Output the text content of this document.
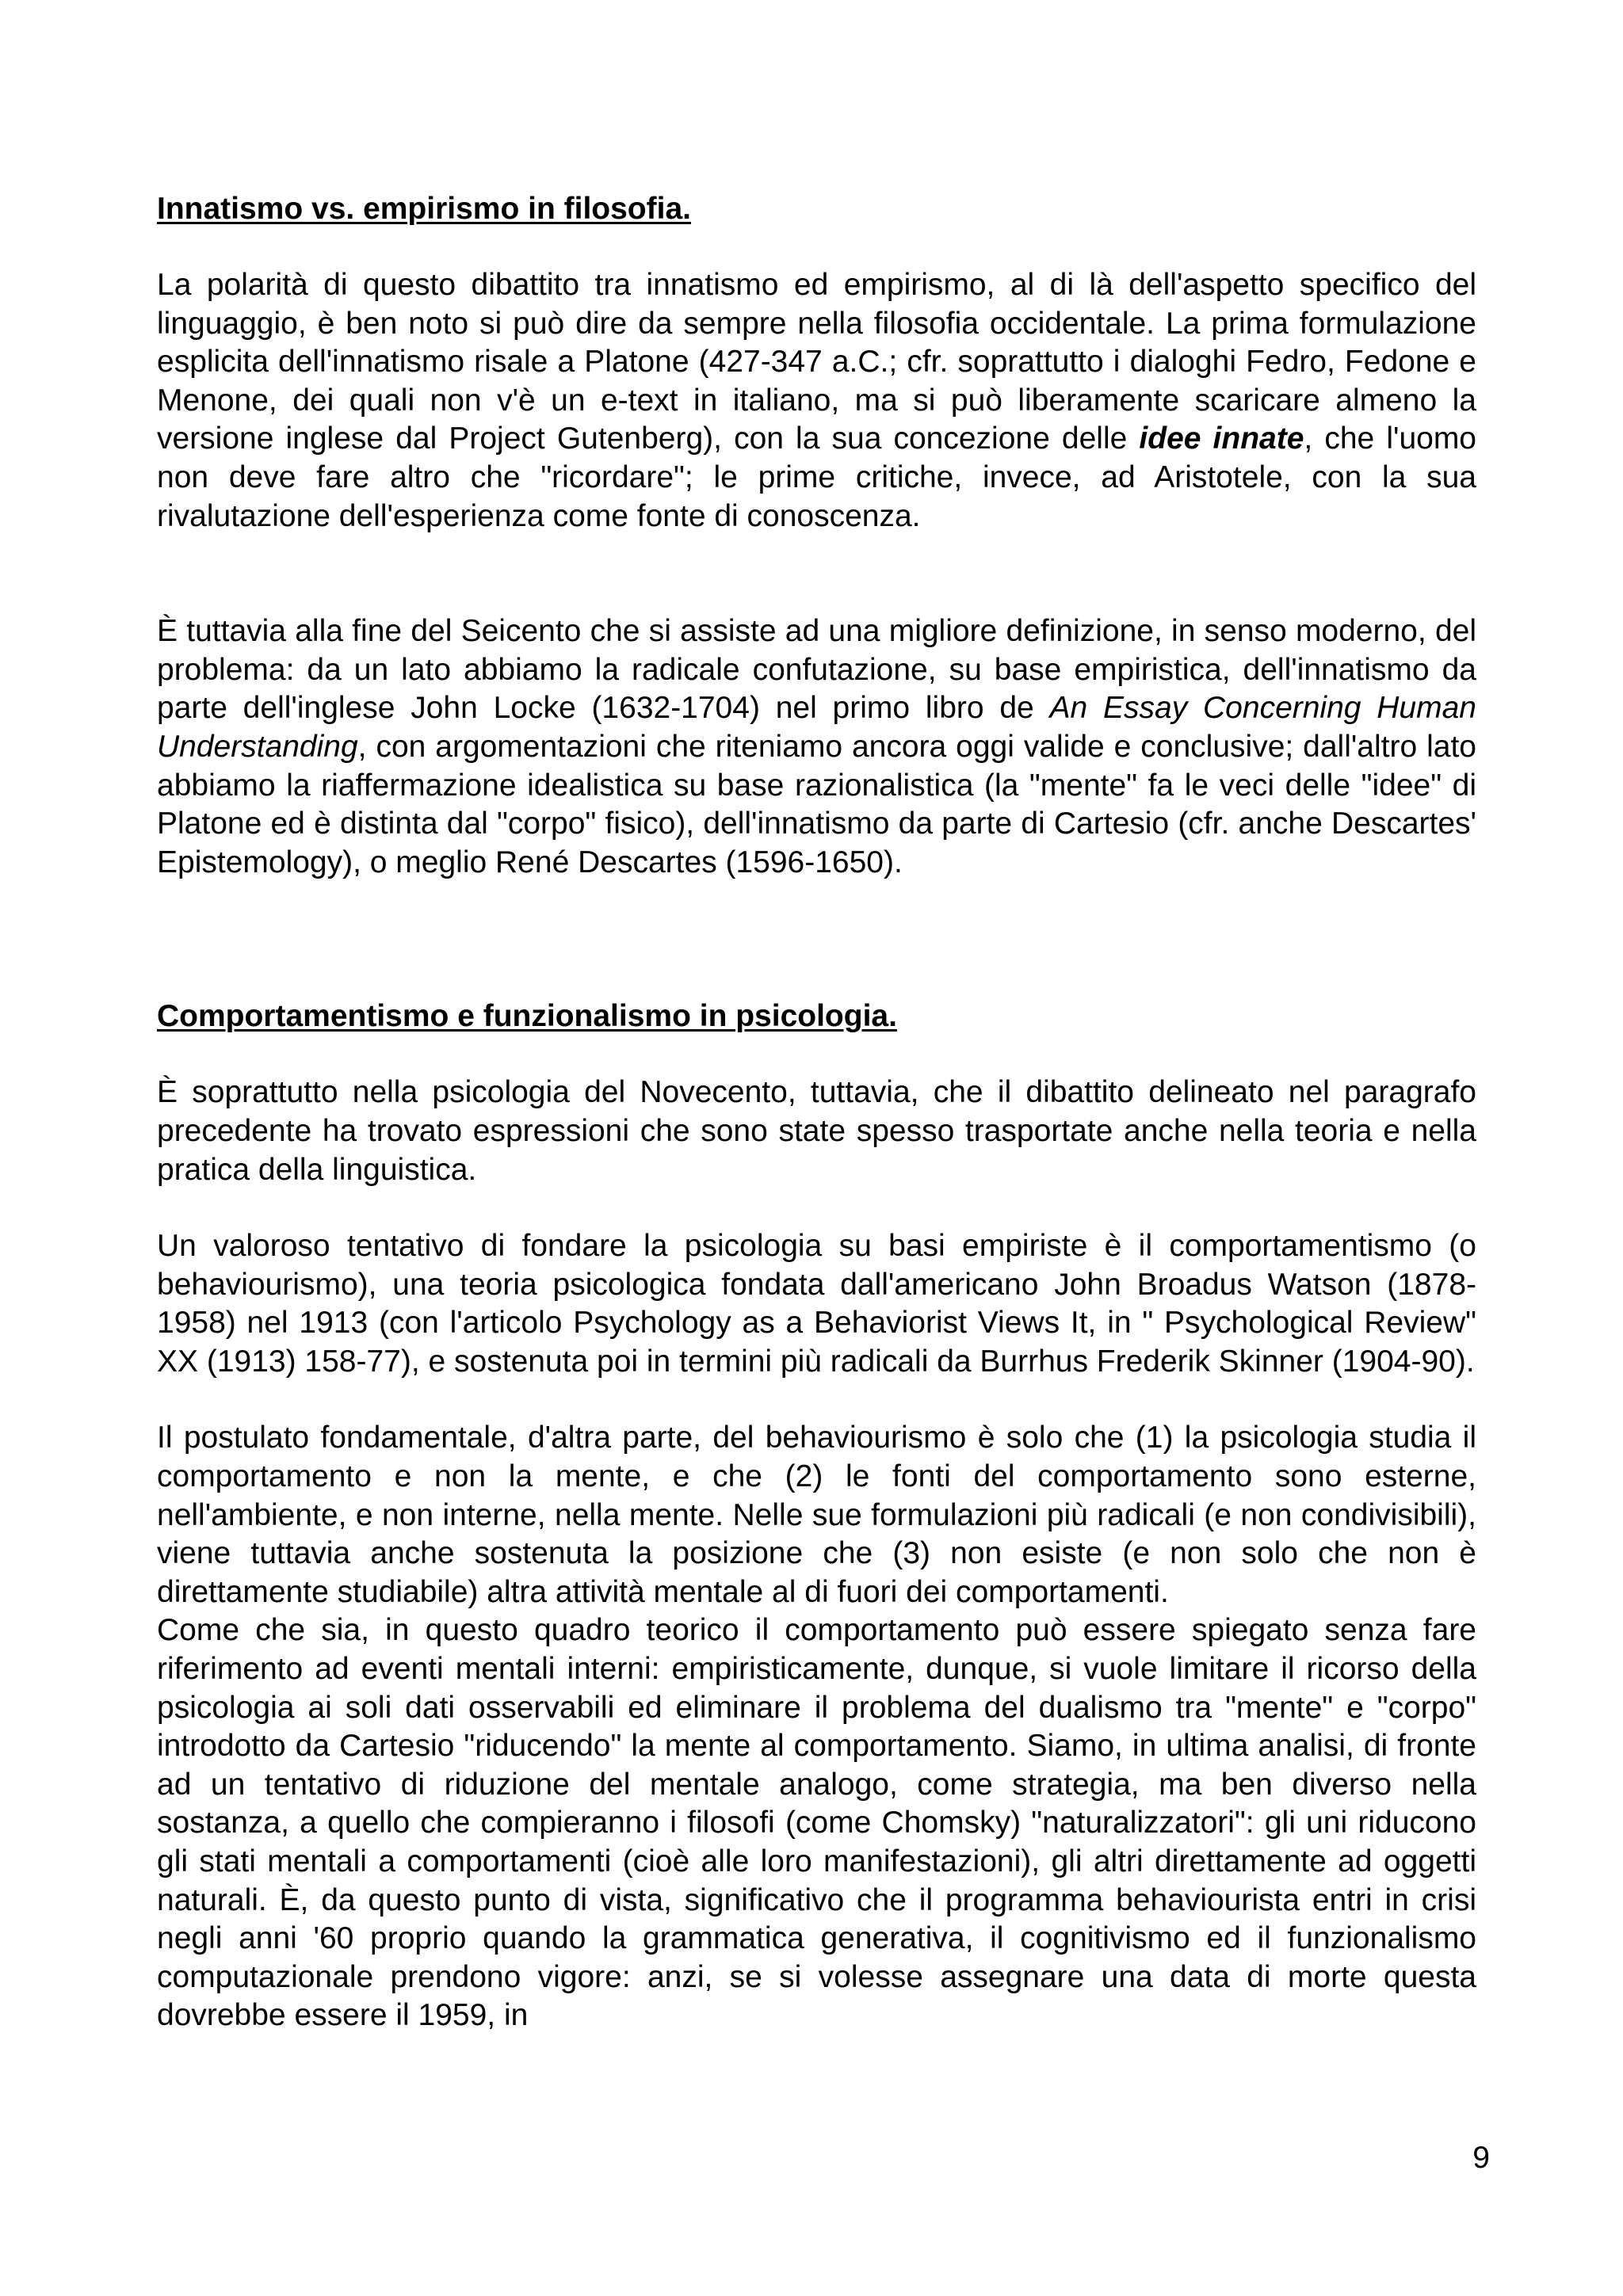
Innatismo vs. empirismo in filosofia.

La polarità di questo dibattito tra innatismo ed empirismo, al di là dell'aspetto specifico del linguaggio, è ben noto si può dire da sempre nella filosofia occidentale. La prima formulazione esplicita dell'innatismo risale a Platone (427-347 a.C.; cfr. soprattutto i dialoghi Fedro, Fedone e Menone, dei quali non v'è un e-text in italiano, ma si può liberamente scaricare almeno la versione inglese dal Project Gutenberg), con la sua concezione delle idee innate, che l'uomo non deve fare altro che "ricordare"; le prime critiche, invece, ad Aristotele, con la sua rivalutazione dell'esperienza come fonte di conoscenza.

È tuttavia alla fine del Seicento che si assiste ad una migliore definizione, in senso moderno, del problema: da un lato abbiamo la radicale confutazione, su base empiristica, dell'innatismo da parte dell'inglese John Locke (1632-1704) nel primo libro de An Essay Concerning Human Understanding, con argomentazioni che riteniamo ancora oggi valide e conclusive; dall'altro lato abbiamo la riaffermazione idealistica su base razionalistica (la "mente" fa le veci delle "idee" di Platone ed è distinta dal "corpo" fisico), dell'innatismo da parte di Cartesio (cfr. anche Descartes' Epistemology), o meglio René Descartes (1596-1650).

Comportamentismo e funzionalismo in psicologia.

È soprattutto nella psicologia del Novecento, tuttavia, che il dibattito delineato nel paragrafo precedente ha trovato espressioni che sono state spesso trasportate anche nella teoria e nella pratica della linguistica.

Un valoroso tentativo di fondare la psicologia su basi empiriste è il comportamentismo (o behaviourismo), una teoria psicologica fondata dall'americano John Broadus Watson (1878-1958) nel 1913 (con l'articolo Psychology as a Behaviorist Views It, in " Psychological Review" XX (1913) 158-77), e sostenuta poi in termini più radicali da Burrhus Frederik Skinner (1904-90).

Il postulato fondamentale, d'altra parte, del behaviourismo è solo che (1) la psicologia studia il comportamento e non la mente, e che (2) le fonti del comportamento sono esterne, nell'ambiente, e non interne, nella mente. Nelle sue formulazioni più radicali (e non condivisibili), viene tuttavia anche sostenuta la posizione che (3) non esiste (e non solo che non è direttamente studiabile) altra attività mentale al di fuori dei comportamenti.

Come che sia, in questo quadro teorico il comportamento può essere spiegato senza fare riferimento ad eventi mentali interni: empiristicamente, dunque, si vuole limitare il ricorso della psicologia ai soli dati osservabili ed eliminare il problema del dualismo tra "mente" e "corpo" introdotto da Cartesio "riducendo" la mente al comportamento. Siamo, in ultima analisi, di fronte ad un tentativo di riduzione del mentale analogo, come strategia, ma ben diverso nella sostanza, a quello che compieranno i filosofi (come Chomsky) "naturalizzatori": gli uni riducono gli stati mentali a comportamenti (cioè alle loro manifestazioni), gli altri direttamente ad oggetti naturali. È, da questo punto di vista, significativo che il programma behaviourista entri in crisi negli anni '60 proprio quando la grammatica generativa, il cognitivismo ed il funzionalismo computazionale prendono vigore: anzi, se si volesse assegnare una data di morte questa dovrebbe essere il 1959, in

9
